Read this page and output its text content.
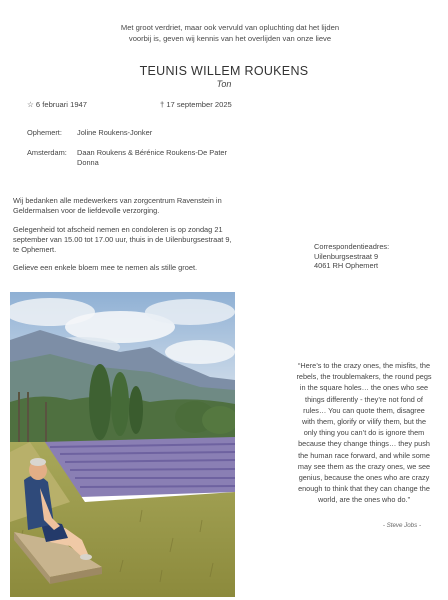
Met groot verdriet, maar ook vervuld van opluchting dat het lijden
voorbij is, geven wij kennis van het overlijden van onze lieve
TEUNIS WILLEM ROUKENS
Ton
☆ 6 februari 1947	† 17 september 2025
Ophemert: Joline Roukens-Jonker
Amsterdam: Daan Roukens & Bérénice Roukens-De Pater
Donna
Wij bedanken alle medewerkers van zorgcentrum Ravenstein in
Geldermalsen voor de liefdevolle verzorging.
Gelegenheid tot afscheid nemen en condoleren is op zondag 21
september van 15.00 tot 17.00 uur, thuis in de Uilenburgsestraat 9,
te Ophemert.
Gelieve een enkele bloem mee te nemen als stille groet.
Correspondentieadres:
Uilenburgsestraat 9
4061 RH Ophemert
“Here’s to the crazy ones, the misfits, the
rebels, the troublemakers, the round pegs
in the square holes… the ones who see
things differently - they’re not fond of
rules… You can quote them, disagree
with them, glorify or vilify them, but the
only thing you can’t do is ignore them
because they change things… they push
the human race forward, and while some
may see them as the crazy ones, we see
genius, because the ones who are crazy
enough to think that they can change the
world, are the ones who do.”
- Steve Jobs -
